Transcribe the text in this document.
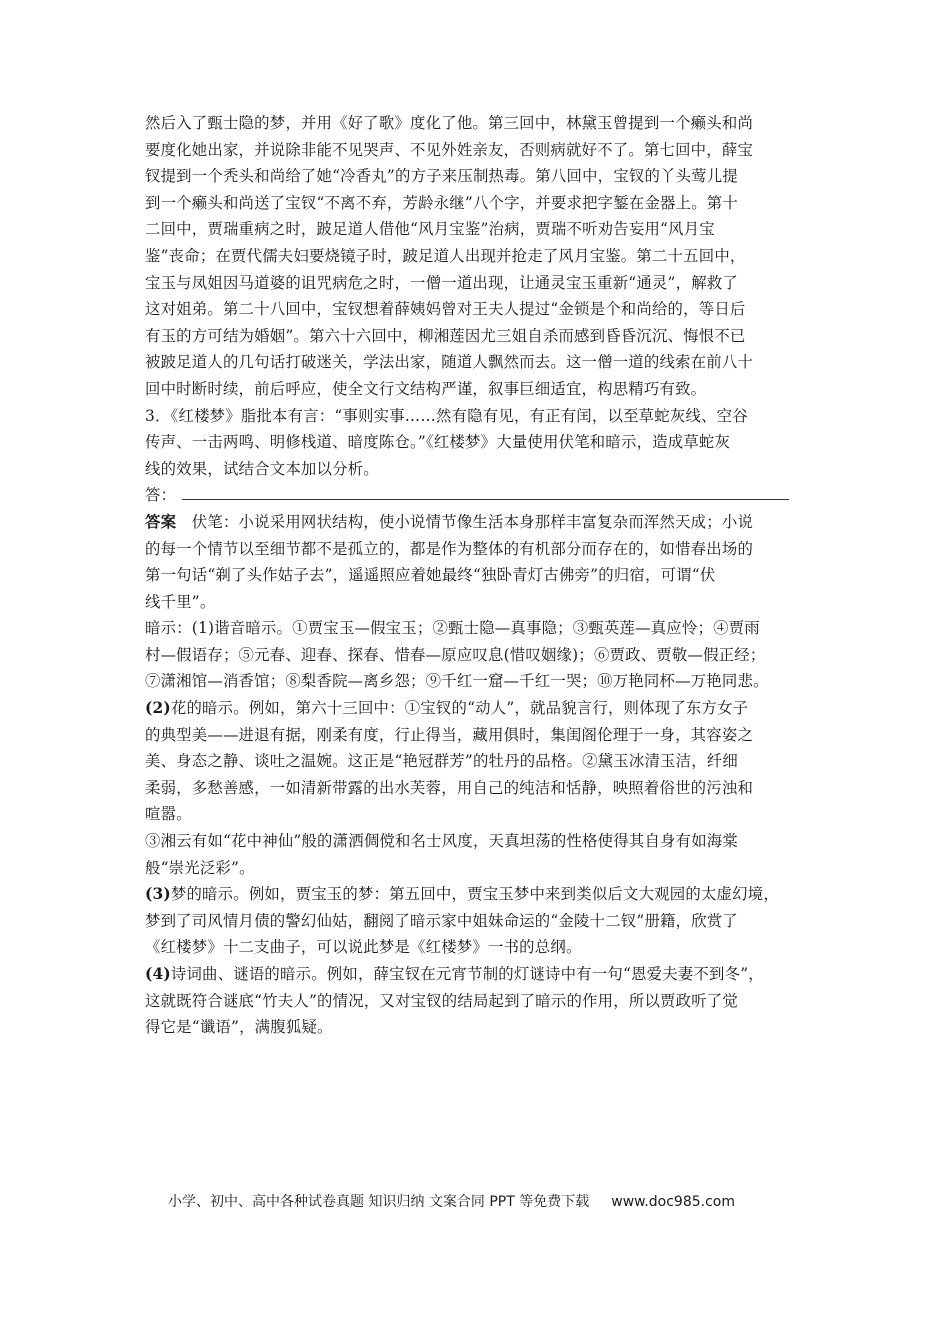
然后入了甄士隐的梦，并用《好了歌》度化了他。第三回中，林黛玉曾提到一个癞头和尚
要度化她出家，并说除非能不见哭声、不见外姓亲友，否则病就好不了。第七回中，薛宝
钗提到一个秃头和尚给了她“冷香丸”的方子来压制热毒。第八回中，宝钗的丫头莺儿提
到一个癞头和尚送了宝钗“不离不弃，芳龄永继”八个字，并要求把字錾在金器上。第十
二回中，贾瑞重病之时，跛足道人借他“风月宝鉴”治病，贾瑞不听劝告妄用“风月宝
鉴”丧命；在贾代儒夫妇要烧镜子时，跛足道人出现并抢走了风月宝鉴。第二十五回中，
宝玉与凤姐因马道婆的诅咒病危之时，一僧一道出现，让通灵宝玉重新“通灵”，解救了
这对姐弟。第二十八回中，宝钗想着薛姨妈曾对王夫人提过“金锁是个和尚给的，等日后
有玉的方可结为婚姻”。第六十六回中，柳湘莲因尤三姐自杀而感到昏昏沉沉、悔恨不已
被跛足道人的几句话打破迷关，学法出家，随道人飘然而去。这一僧一道的线索在前八十
回中时断时续，前后呼应，使全文行文结构严谨，叙事巨细适宜，构思精巧有致。
3．《红楼梦》脂批本有言：“事则实事……然有隐有见，有正有闰，以至草蛇灰线、空谷
传声、一击两鸣、明修栈道、暗度陈仓。”《红楼梦》大量使用伏笔和暗示，造成草蛇灰
线的效果，试结合文本加以分析。
答：
答案　 伏笔：小说采用网状结构，使小说情节像生活本身那样丰富复杂而浑然天成；小说
的每一个情节以至细节都不是孤立的，都是作为整体的有机部分而存在的，如惜春出场的
第一句话“剃了头作姑子去”，遥遥照应着她最终“独卧青灯古佛旁”的归宿，可谓“伏
线千里”。
暗示：(1)谐音暗示。①贾宝玉—假宝玉；②甄士隐—真事隐；③甄英莲—真应怜；④贾雨
村—假语存；⑤元春、迎春、探春、惜春—原应叹息(惜叹姻缘)；⑥贾政、贾敬—假正经；
⑦潇湘馆—消香馆；⑧梨香院—离乡怨；⑨千红一窟—千红一哭；⑩万艳同杯—万艳同悲。
(2)花的暗示。例如，第六十三回中：①宝钗的“动人”，就品貌言行，则体现了东方女子
的典型美——进退有据，刚柔有度，行止得当，藏用俱时，集闺阁伦理于一身，其容姿之
美、身态之静、谈吐之温婉。这正是“艳冠群芳”的牡丹的品格。②黛玉冰清玉洁，纤细
柔弱，多愁善感，一如清新带露的出水芙蓉，用自己的纯洁和恬静，映照着俗世的污浊和
喧嚣。
③湘云有如“花中神仙”般的潇洒倜傥和名士风度，天真坦荡的性格使得其自身有如海棠
般“崇光泛彩”。
(3)梦的暗示。例如，贾宝玉的梦：第五回中，贾宝玉梦中来到类似后文大观园的太虚幻境，
梦到了司风情月债的警幻仙姑，翻阅了暗示家中姐妹命运的“金陵十二钗”册籍，欣赏了
《红楼梦》十二支曲子，可以说此梦是《红楼梦》一书的总纲。
(4)诗词曲、谜语的暗示。例如，薛宝钗在元宵节制的灯谜诗中有一句“恩爱夫妻不到冬”，
这就既符合谜底“竹夫人”的情况，又对宝钗的结局起到了暗示的作用，所以贾政听了觉
得它是“谶语”，满腹狐疑。
小学、初中、高中各种试卷真题 知识归纳 文案合同 PPT 等免费下载 www.doc985.com
